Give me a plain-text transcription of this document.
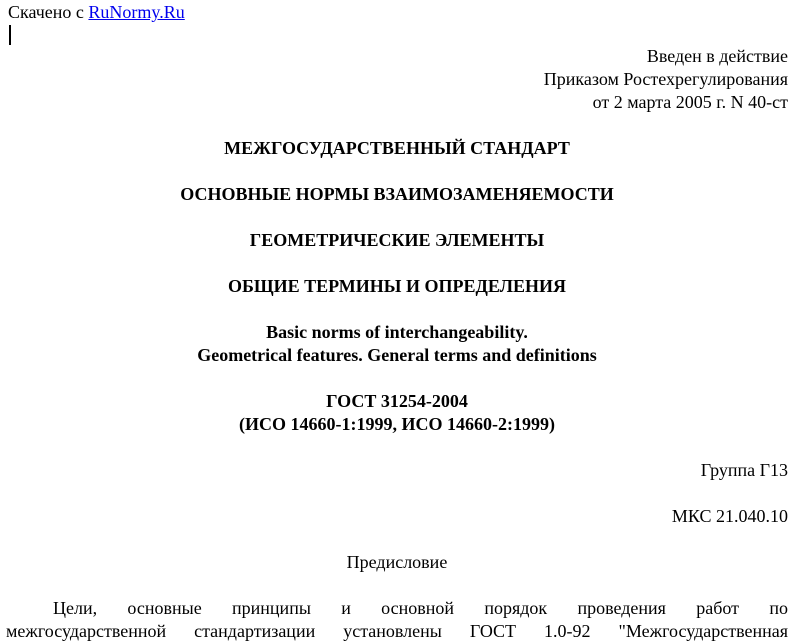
Скачено с RuNormy.Ru
Введен в действие
Приказом Ростехрегулирования
от 2 марта 2005 г. N 40-ст
МЕЖГОСУДАРСТВЕННЫЙ СТАНДАРТ
ОСНОВНЫЕ НОРМЫ ВЗАИМОЗАМЕНЯЕМОСТИ
ГЕОМЕТРИЧЕСКИЕ ЭЛЕМЕНТЫ
ОБЩИЕ ТЕРМИНЫ И ОПРЕДЕЛЕНИЯ
Basic norms of interchangeability.
Geometrical features. General terms and definitions
ГОСТ 31254-2004
(ИСО 14660-1:1999, ИСО 14660-2:1999)
Группа Г13
МКС 21.040.10
Предисловие
Цели, основные принципы и основной порядок проведения работ по
межгосударственной стандартизации установлены ГОСТ 1.0-92 "Межгосударственная
